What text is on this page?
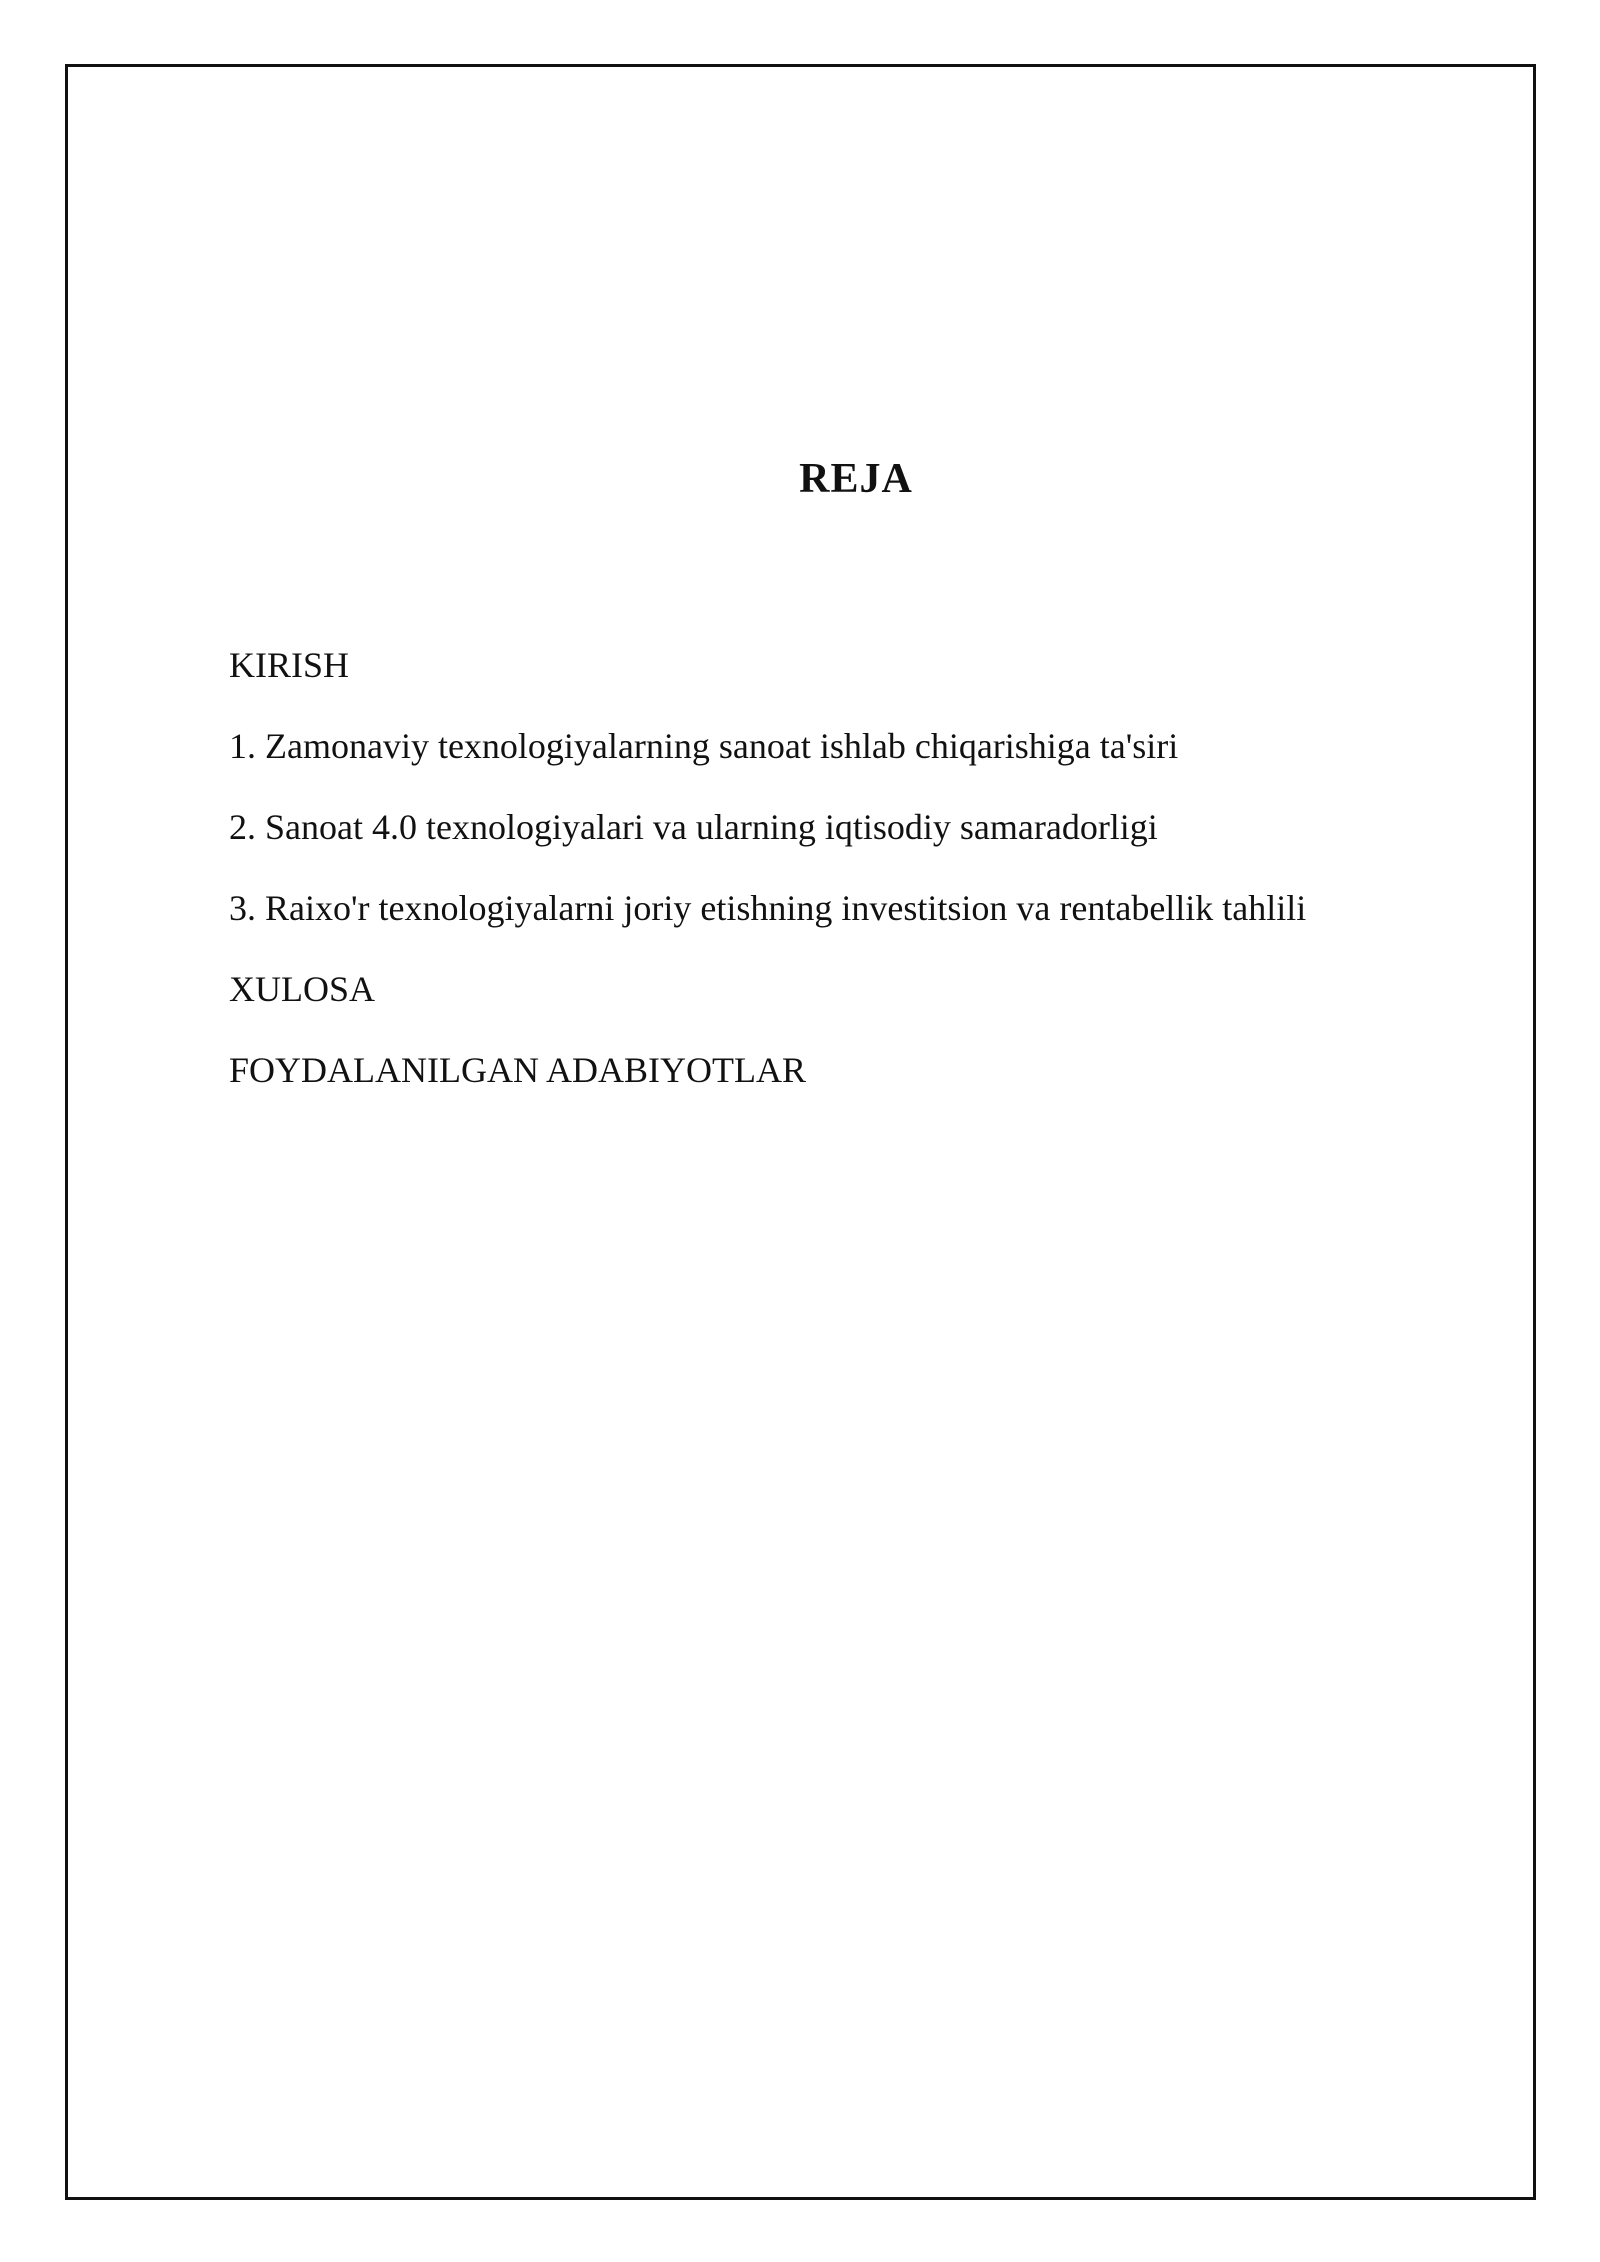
REJA
KIRISH
1. Zamonaviy texnologiyalarning sanoat ishlab chiqarishiga ta'siri
2. Sanoat 4.0 texnologiyalari va ularning iqtisodiy samaradorligi
3. Raixo'r texnologiyalarni joriy etishning investitsion va rentabellik tahlili
XULOSA
FOYDALANILGAN ADABIYOTLAR
